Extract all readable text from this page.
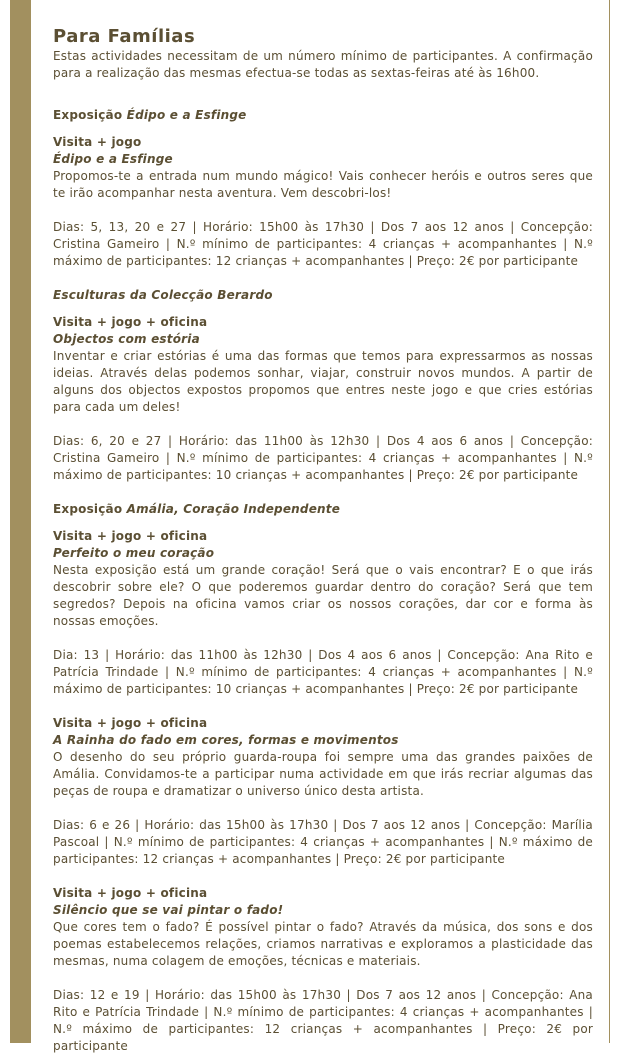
Para Famílias

Estas actividades necessitam de um número mínimo de participantes. A confirmação para a realização das mesmas efectua-se todas as sextas-feiras até às 16h00.

Exposição Édipo e a Esfinge
Visita + jogo
Édipo e a Esfinge

Propomos-te a entrada num mundo mágico! Vais conhecer heróis e outros seres que te irão acompanhar nesta aventura. Vem descobri-los!

Dias: 5, 13, 20 e 27 | Horário: 15h00 às 17h30 | Dos 7 aos 12 anos | Concepção: Cristina Gameiro | N.º mínimo de participantes: 4 crianças + acompanhantes | N.º máximo de participantes: 12 crianças + acompanhantes | Preço: 2€ por participante

Esculturas da Colecção Berardo
Visita + jogo + oficina
Objectos com estória

Inventar e criar estórias é uma das formas que temos para expressarmos as nossas ideias. Através delas podemos sonhar, viajar, construir novos mundos. A partir de alguns dos objectos expostos propomos que entres neste jogo e que cries estórias para cada um deles!

Dias: 6, 20 e 27 | Horário: das 11h00 às 12h30 | Dos 4 aos 6 anos | Concepção: Cristina Gameiro | N.º mínimo de participantes: 4 crianças + acompanhantes | N.º máximo de participantes: 10 crianças + acompanhantes | Preço: 2€ por participante

Exposição Amália, Coração Independente
Visita + jogo + oficina
Perfeito o meu coração

Nesta exposição está um grande coração! Será que o vais encontrar? E o que irás descobrir sobre ele? O que poderemos guardar dentro do coração? Será que tem segredos? Depois na oficina vamos criar os nossos corações, dar cor e forma às nossas emoções.

Dia: 13 | Horário: das 11h00 às 12h30 | Dos 4 aos 6 anos | Concepção: Ana Rito e Patrícia Trindade | N.º mínimo de participantes: 4 crianças + acompanhantes | N.º máximo de participantes: 10 crianças + acompanhantes | Preço: 2€ por participante

Visita + jogo + oficina
A Rainha do fado em cores, formas e movimentos

O desenho do seu próprio guarda-roupa foi sempre uma das grandes paixões de Amália. Convidamos-te a participar numa actividade em que irás recriar algumas das peças de roupa e dramatizar o universo único desta artista.

Dias: 6 e 26 | Horário: das 15h00 às 17h30 | Dos 7 aos 12 anos | Concepção: Marília Pascoal | N.º mínimo de participantes: 4 crianças + acompanhantes | N.º máximo de participantes: 12 crianças + acompanhantes | Preço: 2€ por participante

Visita + jogo + oficina
Silêncio que se vai pintar o fado!

Que cores tem o fado? É possível pintar o fado? Através da música, dos sons e dos poemas estabelecemos relações, criamos narrativas e exploramos a plasticidade das mesmas, numa colagem de emoções, técnicas e materiais.

Dias: 12 e 19 | Horário: das 15h00 às 17h30 | Dos 7 aos 12 anos | Concepção: Ana Rito e Patrícia Trindade | N.º mínimo de participantes: 4 crianças + acompanhantes | N.º máximo de participantes: 12 crianças + acompanhantes | Preço: 2€ por participante
